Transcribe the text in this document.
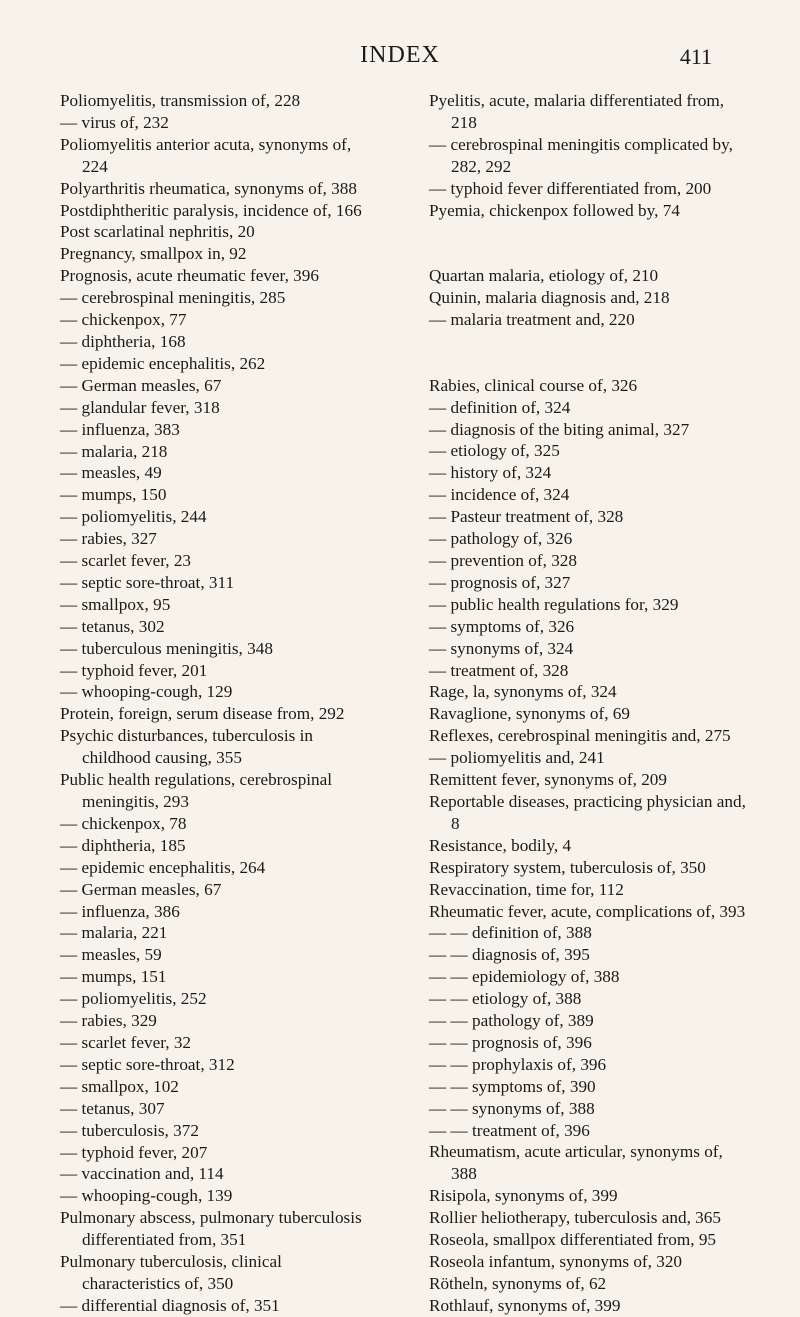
INDEX	411

Poliomyelitis, transmission of, 228

— virus of, 232

Poliomyelitis anterior acuta, synonyms of, 224

Polyarthritis rheumatica, synonyms of, 388

Postdiphtheritic paralysis, incidence of, 166

Post scarlatinal nephritis, 20

Pregnancy, smallpox in, 92

Prognosis, acute rheumatic fever, 396

— cerebrospinal meningitis, 285

— chickenpox, 77

— diphtheria, 168

— epidemic encephalitis, 262

— German measles, 67

— glandular fever, 318

— influenza, 383

— malaria, 218

— measles, 49

— mumps, 150

— poliomyelitis, 244

— rabies, 327

— scarlet fever, 23

— septic sore-throat, 311

— smallpox, 95

— tetanus, 302

— tuberculous meningitis, 348

— typhoid fever, 201

— whooping-cough, 129

Protein, foreign, serum disease from, 292

Psychic disturbances, tuberculosis in childhood causing, 355

Public health regulations, cerebrospinal meningitis, 293

— chickenpox, 78

— diphtheria, 185

— epidemic encephalitis, 264

— German measles, 67

— influenza, 386

— malaria, 221

— measles, 59

— mumps, 151

— poliomyelitis, 252

— rabies, 329

— scarlet fever, 32

— septic sore-throat, 312

— smallpox, 102

— tetanus, 307

— tuberculosis, 372

— typhoid fever, 207

— vaccination and, 114

— whooping-cough, 139

Pulmonary abscess, pulmonary tuberculosis differentiated from, 351

Pulmonary tuberculosis, clinical characteristics of, 350

— differential diagnosis of, 351

Pyelitis, acute, malaria differentiated from, 218

— cerebrospinal meningitis complicated by, 282, 292

— typhoid fever differentiated from, 200

Pyemia, chickenpox followed by, 74

Quartan malaria, etiology of, 210

Quinin, malaria diagnosis and, 218

— malaria treatment and, 220

Rabies, clinical course of, 326

— definition of, 324

— diagnosis of the biting animal, 327

— etiology of, 325

— history of, 324

— incidence of, 324

— Pasteur treatment of, 328

— pathology of, 326

— prevention of, 328

— prognosis of, 327

— public health regulations for, 329

— symptoms of, 326

— synonyms of, 324

— treatment of, 328

Rage, la, synonyms of, 324

Ravaglione, synonyms of, 69

Reflexes, cerebrospinal meningitis and, 275

— poliomyelitis and, 241

Remittent fever, synonyms of, 209

Reportable diseases, practicing physician and, 8

Resistance, bodily, 4

Respiratory system, tuberculosis of, 350

Revaccination, time for, 112

Rheumatic fever, acute, complications of, 393

— — definition of, 388

— — diagnosis of, 395

— — epidemiology of, 388

— — etiology of, 388

— — pathology of, 389

— — prognosis of, 396

— — prophylaxis of, 396

— — symptoms of, 390

— — synonyms of, 388

— — treatment of, 396

Rheumatism, acute articular, synonyms of, 388

Risipola, synonyms of, 399

Rollier heliotherapy, tuberculosis and, 365

Roseola, smallpox differentiated from, 95

Roseola infantum, synonyms of, 320

Rötheln, synonyms of, 62

Rothlauf, synonyms of, 399
